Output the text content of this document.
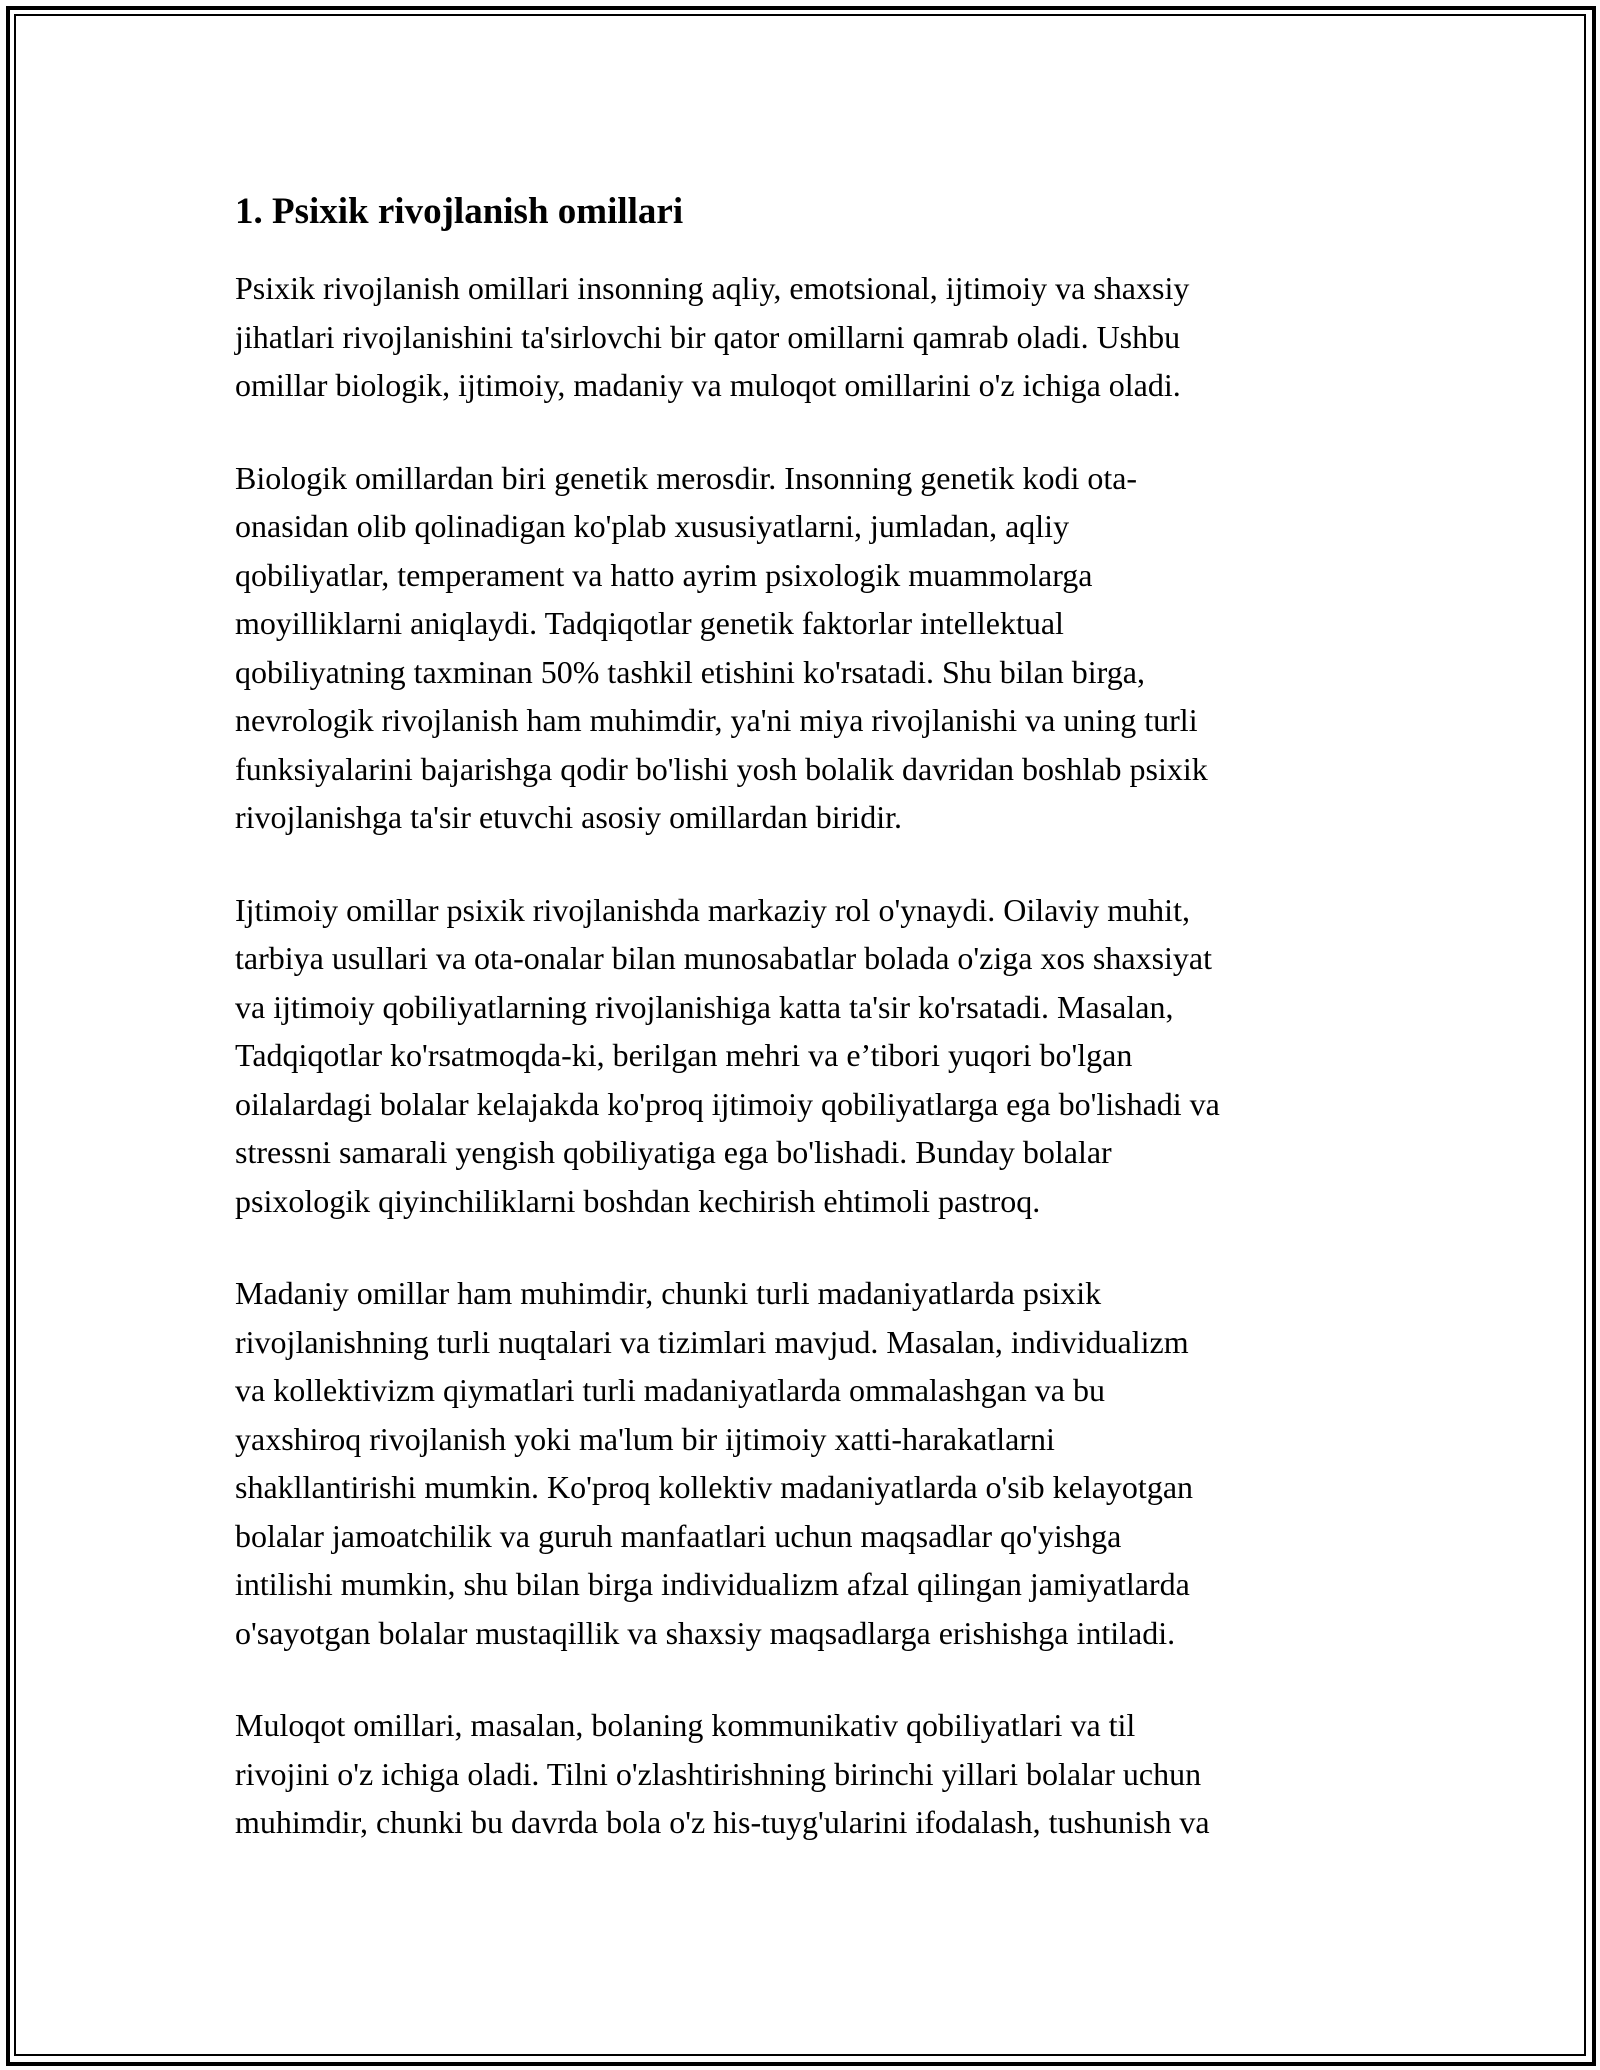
1. Psixik rivojlanish omillari

Psixik rivojlanish omillari insonning aqliy, emotsional, ijtimoiy va shaxsiy
jihatlari rivojlanishini ta'sirlovchi bir qator omillarni qamrab oladi. Ushbu
omillar biologik, ijtimoiy, madaniy va muloqot omillarini o'z ichiga oladi.

Biologik omillardan biri genetik merosdir. Insonning genetik kodi ota-
onasidan olib qolinadigan ko'plab xususiyatlarni, jumladan, aqliy
qobiliyatlar, temperament va hatto ayrim psixologik muammolarga
moyilliklarni aniqlaydi. Tadqiqotlar genetik faktorlar intellektual
qobiliyatning taxminan 50% tashkil etishini ko'rsatadi. Shu bilan birga,
nevrologik rivojlanish ham muhimdir, ya'ni miya rivojlanishi va uning turli
funksiyalarini bajarishga qodir bo'lishi yosh bolalik davridan boshlab psixik
rivojlanishga ta'sir etuvchi asosiy omillardan biridir.

Ijtimoiy omillar psixik rivojlanishda markaziy rol o'ynaydi. Oilaviy muhit,
tarbiya usullari va ota-onalar bilan munosabatlar bolada o'ziga xos shaxsiyat
va ijtimoiy qobiliyatlarning rivojlanishiga katta ta'sir ko'rsatadi. Masalan,
Tadqiqotlar ko'rsatmoqda-ki, berilgan mehri va e’tibori yuqori bo'lgan
oilalardagi bolalar kelajakda ko'proq ijtimoiy qobiliyatlarga ega bo'lishadi va
stressni samarali yengish qobiliyatiga ega bo'lishadi. Bunday bolalar
psixologik qiyinchiliklarni boshdan kechirish ehtimoli pastroq.

Madaniy omillar ham muhimdir, chunki turli madaniyatlarda psixik
rivojlanishning turli nuqtalari va tizimlari mavjud. Masalan, individualizm
va kollektivizm qiymatlari turli madaniyatlarda ommalashgan va bu
yaxshiroq rivojlanish yoki ma'lum bir ijtimoiy xatti-harakatlarni
shakllantirishi mumkin. Ko'proq kollektiv madaniyatlarda o'sib kelayotgan
bolalar jamoatchilik va guruh manfaatlari uchun maqsadlar qo'yishga
intilishi mumkin, shu bilan birga individualizm afzal qilingan jamiyatlarda
o'sayotgan bolalar mustaqillik va shaxsiy maqsadlarga erishishga intiladi.

Muloqot omillari, masalan, bolaning kommunikativ qobiliyatlari va til
rivojini o'z ichiga oladi. Tilni o'zlashtirishning birinchi yillari bolalar uchun
muhimdir, chunki bu davrda bola o'z his-tuyg'ularini ifodalash, tushunish va
